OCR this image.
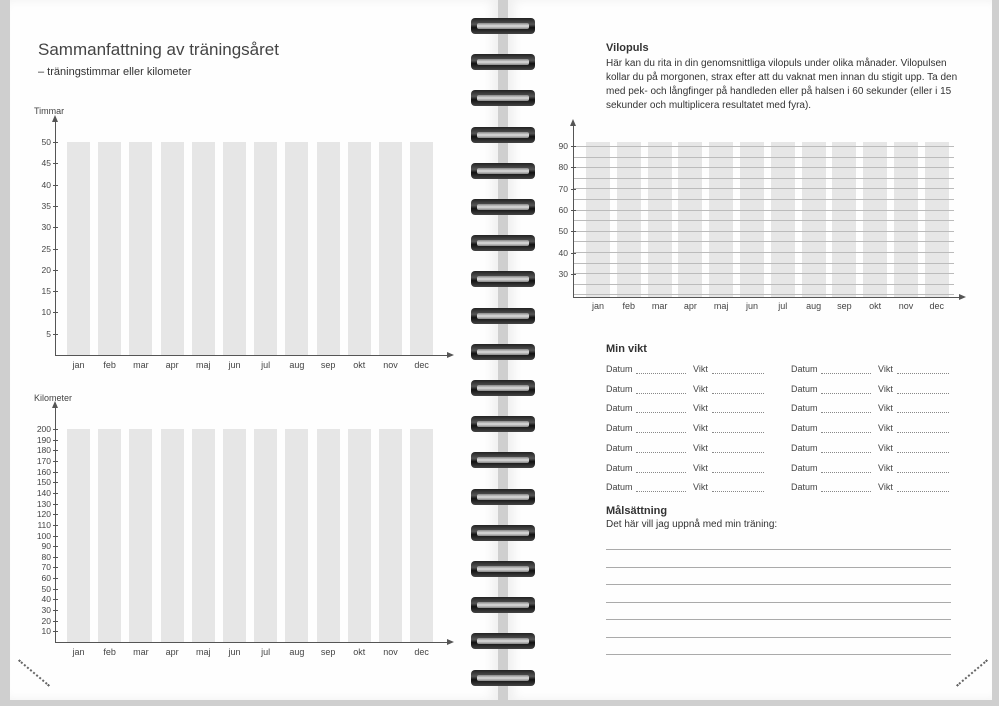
Sammanfattning av träningsåret
– träningstimmar eller kilometer
Timmar
jan	feb	mar	apr	maj	jun	jul	aug	sep	okt	nov	dec
50
45
40
35
30
25
20
15
10
5
Kilometer
jan	feb	mar	apr	maj	jun	jul	aug	sep	okt	nov	dec
200
190
180
170
160
150
140
130
120
110
100
90
80
70
60
50
40
30
20
10
Vilopuls
Här kan du rita in din genomsnittliga vilopuls under olika månader. Vilopulsen kollar du på morgonen, strax efter att du vaknat men innan du stigit upp. Ta den med pek- och långfinger på handleden eller på halsen i 60 sekunder (eller i 15 sekunder och multiplicera resultatet med fyra).
jan	feb	mar	apr	maj	jun	jul	aug	sep	okt	nov	dec
90
80
70
60
50
40
30
Min vikt
Datum	Vikt	Datum	Vikt
Datum	Vikt	Datum	Vikt
Datum	Vikt	Datum	Vikt
Datum	Vikt	Datum	Vikt
Datum	Vikt	Datum	Vikt
Datum	Vikt	Datum	Vikt
Datum	Vikt	Datum	Vikt
Målsättning
Det här vill jag uppnå med min träning:
